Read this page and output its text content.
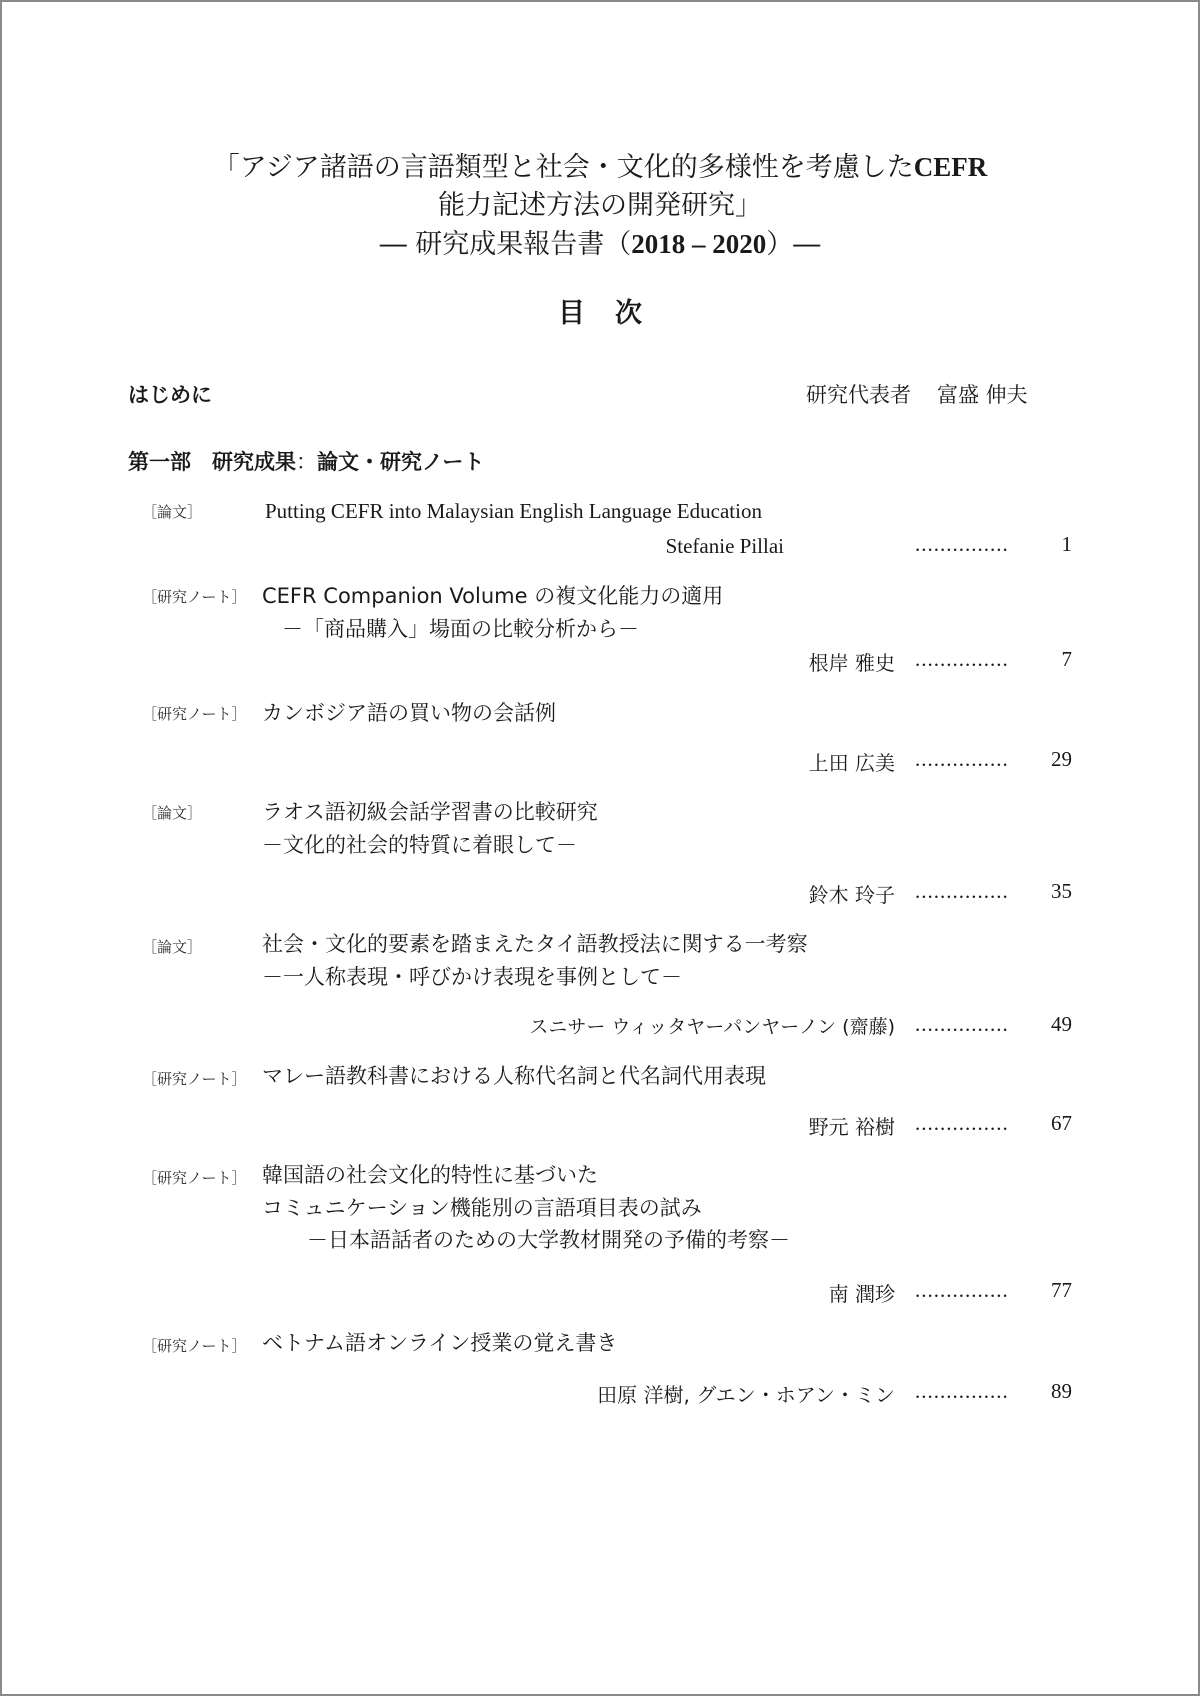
「アジア諸語の言語類型と社会・文化的多様性を考慮したCEFR
能力記述方法の開発研究」
― 研究成果報告書（2018 – 2020）―
目 次
はじめに	研究代表者 富盛 伸夫
第一部　研究成果：論文・研究ノート
［論文］	Putting CEFR into Malaysian English Language Education
Stefanie Pillai	...............	1
［研究ノート］ CEFR Companion Volume の複文化能力の適用
－「商品購入」場面の比較分析から－
根岸 雅史 ...............	7
［研究ノート］ カンボジア語の買い物の会話例
上田 広美 ...............	29
［論文］	ラオス語初級会話学習書の比較研究
－文化的社会的特質に着眼して－
鈴木 玲子 ...............	35
［論文］	社会・文化的要素を踏まえたタイ語教授法に関する一考察
－一人称表現・呼びかけ表現を事例として－
スニサー ウィッタヤーパンヤーノン (齋藤) ...............	49
［研究ノート］ マレー語教科書における人称代名詞と代名詞代用表現
野元 裕樹 ...............	67
［研究ノート］ 韓国語の社会文化的特性に基づいた
コミュニケーション機能別の言語項目表の試み
－日本語話者のための大学教材開発の予備的考察－
南 潤珍 ...............	77
［研究ノート］ ベトナム語オンライン授業の覚え書き
田原 洋樹, グエン・ホアン・ミン ...............	89
